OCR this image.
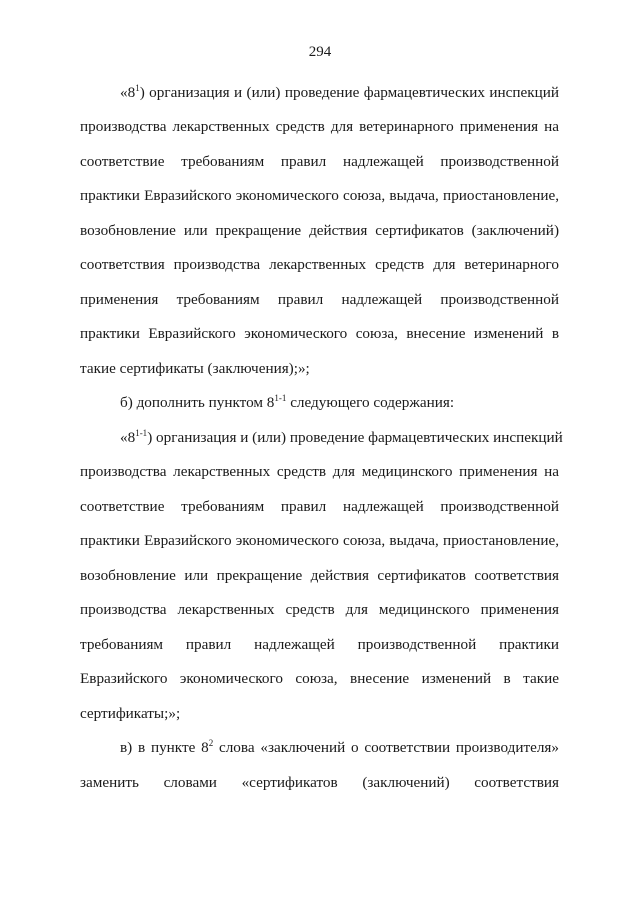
294
«$8^1$) организация и (или) проведение фармацевтических инспекций
производства лекарственных средств для ветеринарного применения на
соответствие требованиям правил надлежащей производственной
практики Евразийского экономического союза, выдача, приостановление,
возобновление или прекращение действия сертификатов (заключений)
соответствия производства лекарственных средств для ветеринарного
применения требованиям правил надлежащей производственной
практики Евразийского экономического союза, внесение изменений в
такие сертификаты (заключения);»;
б) дополнить пунктом 8$^{1-1}$ следующего содержания:
«8$^{1-1}$) организация и (или) проведение фармацевтических инспекций
производства лекарственных средств для медицинского применения на
соответствие требованиям правил надлежащей производственной
практики Евразийского экономического союза, выдача, приостановление,
возобновление или прекращение действия сертификатов соответствия
производства лекарственных средств для медицинского применения
требованиям правил надлежащей производственной практики
Евразийского экономического союза, внесение изменений в такие
сертификаты;»;
в) в пункте $8^2$ слова «заключений о соответствии производителя»
заменить словами «сертификатов (заключений) соответствия
